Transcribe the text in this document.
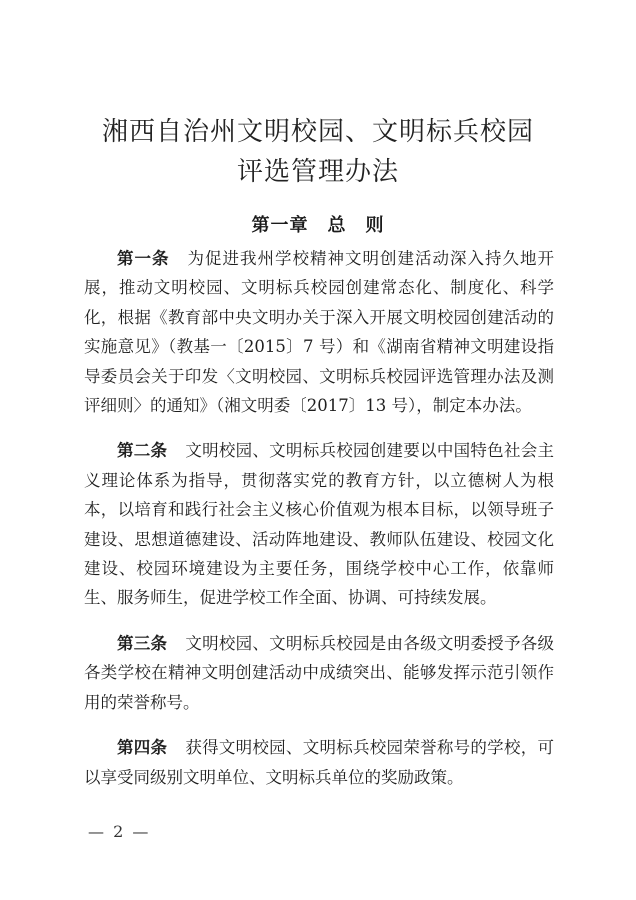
湘西自治州文明校园、文明标兵校园
评选管理办法
第一章　总　则

第一条 为促进我州学校精神文明创建活动深入持久地开展，推动文明校园、文明标兵校园创建常态化、制度化、科学化，根据《教育部中央文明办关于深入开展文明校园创建活动的实施意见》（教基一〔2015〕7 号）和《湖南省精神文明建设指导委员会关于印发〈文明校园、文明标兵校园评选管理办法及测评细则〉的通知》（湘文明委〔2017〕13 号），制定本办法。

第二条 文明校园、文明标兵校园创建要以中国特色社会主义理论体系为指导，贯彻落实党的教育方针，以立德树人为根本，以培育和践行社会主义核心价值观为根本目标，以领导班子建设、思想道德建设、活动阵地建设、教师队伍建设、校园文化建设、校园环境建设为主要任务，围绕学校中心工作，依靠师生、服务师生，促进学校工作全面、协调、可持续发展。

第三条 文明校园、文明标兵校园是由各级文明委授予各级各类学校在精神文明创建活动中成绩突出、能够发挥示范引领作用的荣誉称号。

第四条 获得文明校园、文明标兵校园荣誉称号的学校，可以享受同级别文明单位、文明标兵单位的奖励政策。

— 2 —
